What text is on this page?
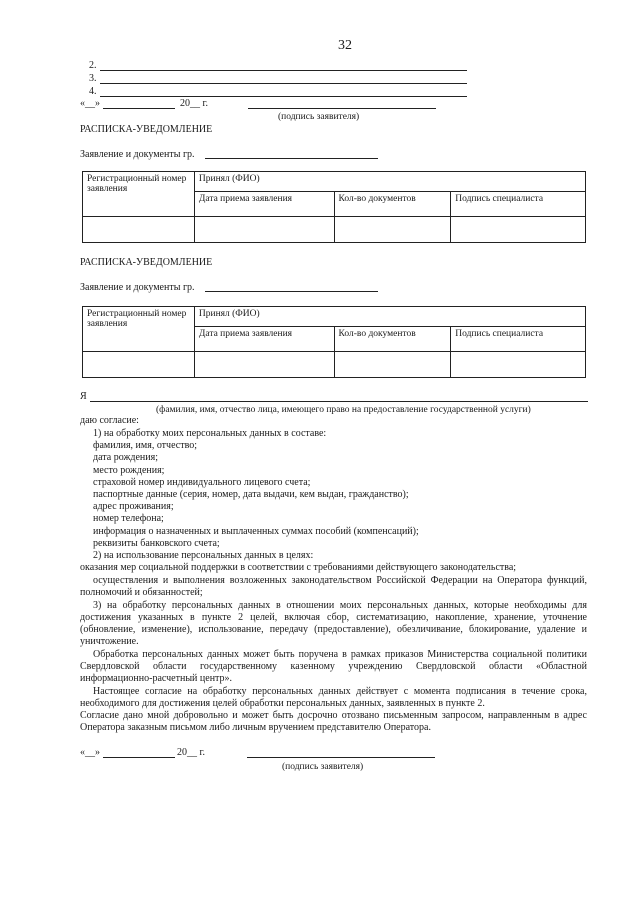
32
2.
3.
4.
«__»	20__ г.
(подпись заявителя)
РАСПИСКА-УВЕДОМЛЕНИЕ
Заявление и документы гр.
Регистрационный номер заявления	Принял (ФИО)		
	Дата приема заявления	Кол-во документов	Подпись специалиста

РАСПИСКА-УВЕДОМЛЕНИЕ
Заявление и документы гр.
Регистрационный номер заявления	Принял (ФИО)		
	Дата приема заявления	Кол-во документов	Подпись специалиста

Я
(фамилия, имя, отчество лица, имеющего право на предоставление государственной услуги)
даю согласие:
1) на обработку моих персональных данных в составе:
фамилия, имя, отчество;
дата рождения;
место рождения;
страховой номер индивидуального лицевого счета;
паспортные данные (серия, номер, дата выдачи, кем выдан, гражданство);
адрес проживания;
номер телефона;
информация о назначенных и выплаченных суммах пособий (компенсаций);
реквизиты банковского счета;
2) на использование персональных данных в целях:
оказания мер социальной поддержки в соответствии с требованиями действующего законодательства;
осуществления и выполнения возложенных законодательством Российской Федерации на Оператора функций,
полномочий и обязанностей;
3) на обработку персональных данных в отношении моих персональных данных, которые необходимы для
достижения указанных в пункте 2 целей, включая сбор, систематизацию, накопление, хранение, уточнение
(обновление, изменение), использование, передачу (предоставление), обезличивание, блокирование, удаление и
уничтожение.
Обработка персональных данных может быть поручена в рамках приказов Министерства социальной политики
Свердловской области государственному казенному учреждению Свердловской области «Областной
информационно-расчетный центр».
Настоящее согласие на обработку персональных данных действует с момента подписания в течение срока,
необходимого для достижения целей обработки персональных данных, заявленных в пункте 2.
Согласие дано мной добровольно и может быть досрочно отозвано письменным запросом, направленным в адрес
Оператора заказным письмом либо личным вручением представителю Оператора.
«__»	20__ г.
(подпись заявителя)
